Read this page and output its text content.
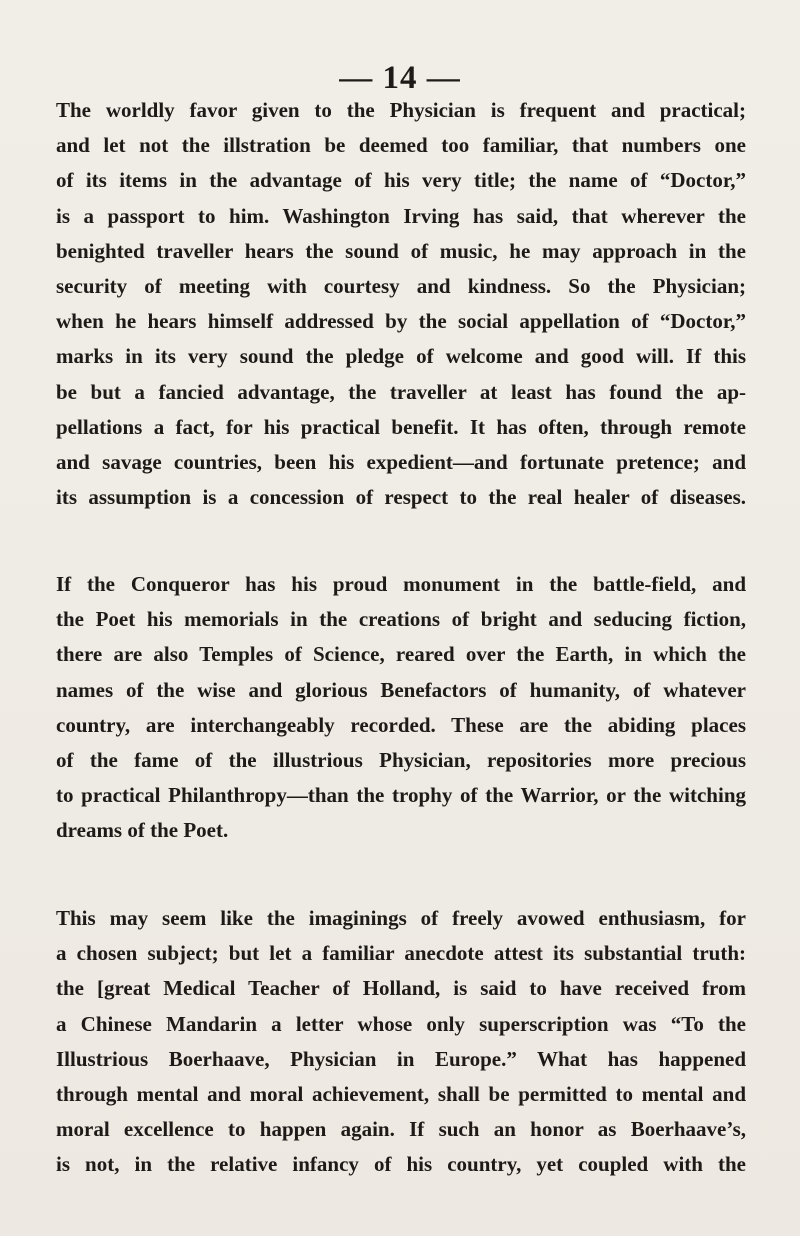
— 14 —

The worldly favor given to the Physician is frequent and practical;
and let not the illstration be deemed too familiar, that numbers one
of its items in the advantage of his very title; the name of “Doctor,”
is a passport to him. Washington Irving has said, that wherever the
benighted traveller hears the sound of music, he may approach in the
security of meeting with courtesy and kindness. So the Physician;
when he hears himself addressed by the social appellation of “Doctor,”
marks in its very sound the pledge of welcome and good will. If this
be but a fancied advantage, the traveller at least has found the ap-
pellations a fact, for his practical benefit. It has often, through remote
and savage countries, been his expedient—and fortunate pretence; and
its assumption is a concession of respect to the real healer of diseases.

If the Conqueror has his proud monument in the battle-field, and
the Poet his memorials in the creations of bright and seducing fiction,
there are also Temples of Science, reared over the Earth, in which the
names of the wise and glorious Benefactors of humanity, of whatever
country, are interchangeably recorded. These are the abiding places
of the fame of the illustrious Physician, repositories more precious
to practical Philanthropy—than the trophy of the Warrior, or the witching
dreams of the Poet.

This may seem like the imaginings of freely avowed enthusiasm, for
a chosen subject; but let a familiar anecdote attest its substantial truth:
the [great Medical Teacher of Holland, is said to have received from
a Chinese Mandarin a letter whose only superscription was “To the
Illustrious Boerhaave, Physician in Europe.” What has happened
through mental and moral achievement, shall be permitted to mental and
moral excellence to happen again. If such an honor as Boerhaave’s,
is not, in the relative infancy of his country, yet coupled with the
